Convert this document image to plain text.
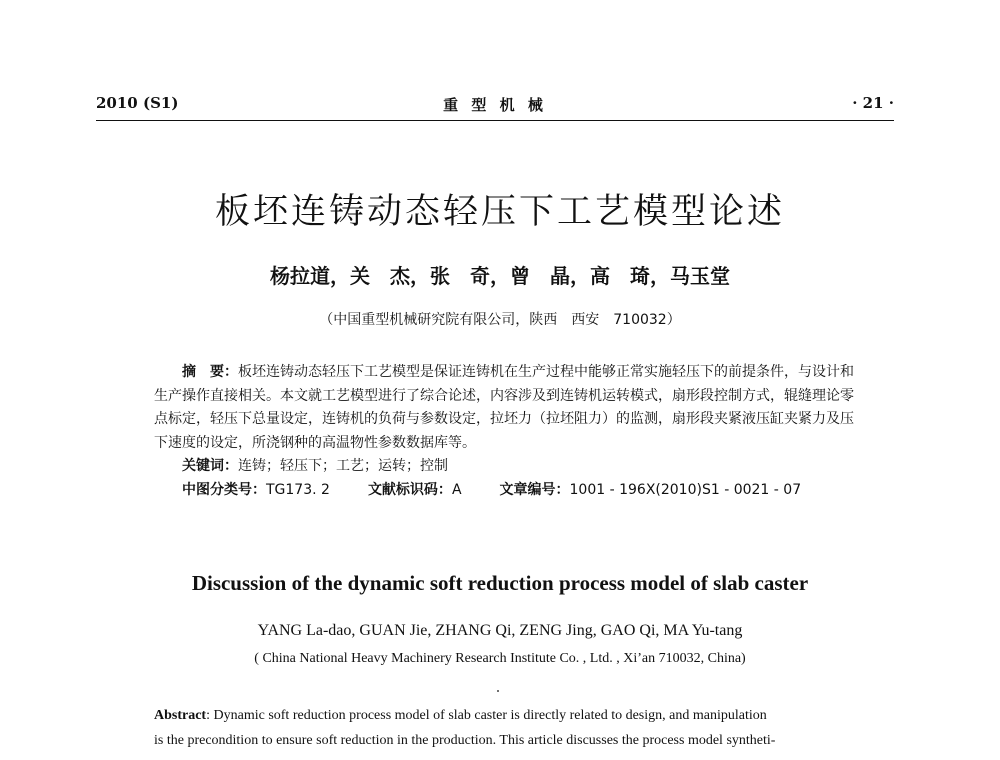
2010 (S1)	重 型 机 械	· 21 ·
板坯连铸动态轻压下工艺模型论述
杨拉道，关　杰，张　奇，曾　晶，高　琦，马玉堂
（中国重型机械研究院有限公司，陕西　西安　710032）

摘　要：板坯连铸动态轻压下工艺模型是保证连铸机在生产过程中能够正常实施轻压下的前提条件，与设计和生产操作直接相关。本文就工艺模型进行了综合论述，内容涉及到连铸机运转模式，扇形段控制方式，辊缝理论零点标定，轻压下总量设定，连铸机的负荷与参数设定，拉坯力（拉坯阻力）的监测，扇形段夹紧液压缸夹紧力及压下速度的设定，所浇钢种的高温物性参数数据库等。

关键词：连铸；轻压下；工艺；运转；控制
中图分类号：TG173. 2	文献标识码：A	文章编号：1001 - 196X(2010)S1 - 0021 - 07
Discussion of the dynamic soft reduction process model of slab caster
YANG La-dao, GUAN Jie, ZHANG Qi, ZENG Jing, GAO Qi, MA Yu-tang
( China National Heavy Machinery Research Institute Co. , Ltd. , Xi’an 710032, China)

Abstract: Dynamic soft reduction process model of slab caster is directly related to design, and manipulation

is the precondition to ensure soft reduction in the production. This article discusses the process model syntheti-
